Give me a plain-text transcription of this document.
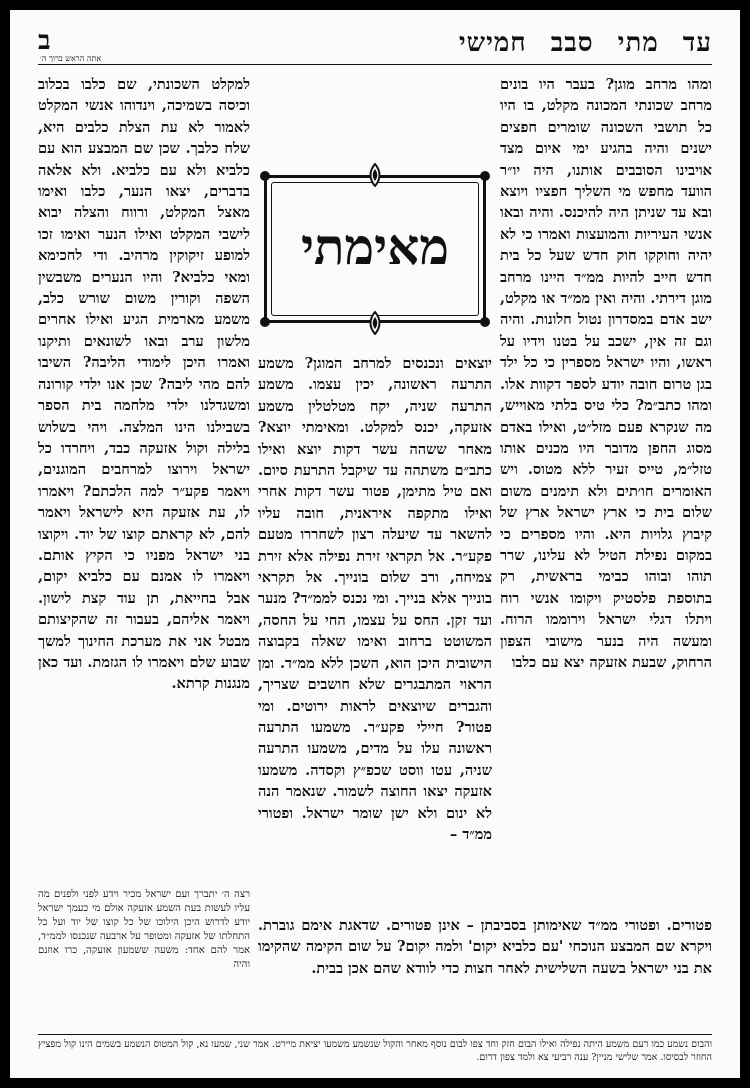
עד מתי סבב חמישי
ב
אתה הראש ברוך ה׳

ומהו מרחב מוגן? בעבר היו בונים מרחב שכונתי המכונה מקלט, בו היו כל תושבי השכונה שומרים חפצים ישנים והיה בהגיע ימי איום מצד אויבינו הסובבים אותנו, היה יו״ר הוועד מחפש מי השליך חפציו ויוצא ובא עד שניתן היה להיכנס. והיה ובאו אנשי העיריות והמועצות ואמרו כי לא יהיה וחוקקו חוק חדש שעל כל בית חדש חייב להיות ממ״ד היינו מרחב מוגן דירתי. והיה ואין ממ״ד או מקלט, ישב אדם במסדרון נטול חלונות. והיה וגם זה אין, ישכב על בטנו וידיו על ראשו, והיו ישראל מספרין כי כל ילד בגן טרום חובה יודע לספר דקוות אלו. ומהו כתב״מ? כלי טיס בלתי מאוייש, מה שנקרא פעם מזל״ט, ואילו באדם מסוג החפן מדובר היו מכנים אותו טזל״מ, טייס זעיר ללא מטוס. ויש האומרים חו׳תים ולא תימנים משום שלום בית כי ארץ ישראל ארץ של קיבוץ גלויות היא. והיו מספרים כי במקום נפילת הטיל לא עלינו, שרר תוהו ובוהו כבימי בראשית, רק בתוספת פלסטיק ויקומו אנשי רוח ויתלו דגלי ישראל וירוממו הרוח. ומעשה היה בנער מישובי הצפון הרחוק, שבעת אזעקה יצא עם כלבו

למקלט השכונתי, שם כלבו בכלוב וכיסה בשמיכה, וינדוהו אנשי המקלט לאמור לא עת הצלת כלבים היא, שלח כלבך. שכן שם המבצע הוא עם כלביא ולא עם כלביא. ולא אלאה בדברים, יצאו הנער, כלבו ואימו מאצל המקלט, ורווח והצלה יבוא לישבי המקלט ואילו הנער ואימו זכו למופע זיקוקין מרהיב. ודי לחכימא ומאי כלביא? והיו הנערים משבשין השפה וקורין משום שורש כלב, משמע מארמית הגיע ואילו אחרים מלשון ערב ובאו לשונאים ותיקנו ואמרו היכן לימודי הליבה? השיבו להם מהי ליבה? שכן אנו ילדי קורונה ומשגדלנו ילדי מלחמה בית הספר בשבילנו הינו המלצה. ויהי בשלוש בלילה וקול אזעקה כבד, ויחרדו כל ישראל וירוצו למרחבים המוגנים, ויאמר פקע״ר למה הלכתם? ויאמרו לו, עת אזעקה היא לישראל ויאמר להם, לא קראתם קוצו של יוד. ויקוצו בני ישראל מפניו כי הקיץ אותם. ויאמרו לו אמנם עם כלביא יקום, אבל בחייאת, תן עוד קצת לישון. ויאמר אליהם, בעבור זה שהקיצותם מבטל אני את מערכת החינוך למשך שבוע שלם ויאמרו לו הגזמת. ועד כאן מנגנות קרתא.

מאימתי

יוצאים ונכנסים למרחב המוגן? משמע התרעה ראשונה, יכין עצמו. משמע התרעה שניה, יקח מטלטלין משמע אזעקה, יכנס למקלט. ומאימתי יוצא? מאחר ששהה עשר דקות יוצא ואילו כתב״ם משתהה עד שיקבל התרעת סיום. ואם טיל מתימן, פטור עשר דקות אחרי ואילו מתקפה איראנית, חובה עליו להשאר עד שיעלה רצון לשחררו מטעם פקע״ר. אל תקראי זירת נפילה אלא זירת צמיחה, ורב שלום בונייך. אל תקראי בונייך אלא בנייך. ומי נכנס לממ״ד? מנער ועד זקן. החס על עצמו, החי על החסה, המשוטט ברחוב ואימו שאלה בקבוצה הישובית היכן הוא, השכן ללא ממ״ד. ומן הראוי המתבגרים שלא חושבים שצריך, והגברים שיוצאים לראות ירוטים. ומי פטור? חיילי פקע״ר. משמעו התרעה ראשונה עלו על מדים, משמעו התרעה שניה, עטו ווסט שכפ״ץ וקסדה. משמעו אזעקה יצאו החוצה לשמור. שנאמר הנה לא ינום ולא ישן שומר ישראל. ופטורי ממ״ד –

פטורים. ופטורי ממ״ד שאימותן בסביבתן – אינן פטורים. שדאגת אימם גוברת. ויקרא שם המבצע הנוכחי 'עם כלביא יקום' ולמה יקום? על שום הקימה שהקימו את בני ישראל בשעה השלישית לאחר חצות כדי לוודא שהם אכן בבית.

רצה ה׳ יתברך ועם ישראל מכיר וידע לפני ולפנים מה עליו לעשות בעת השמע אזעקה אולם מי כעמך ישראל יודע לדרוש היכן הילוכו של כל קוצו של יוד ועל כל התחלתו של אזעקה ומטופר על ארבעה שנכנסו לממ״ד, אמר להם אחד: משעה ששמעון אזעקה, כרו אוזנם והיה

והבום נשמע כמו רעם משמע היתה נפילה ואילו הבום חזק וחד צפו לבום נוסף מאחר והקול שנשמע משמעו יציאת מיירט. אמר שני, שמעו נא, קול המטוס הנשמע בשמים הינו קול מפציץ החוזר לבסיסו. אמר שלישי מניין? ענה רביעי צא ולמד צפון דרום.
